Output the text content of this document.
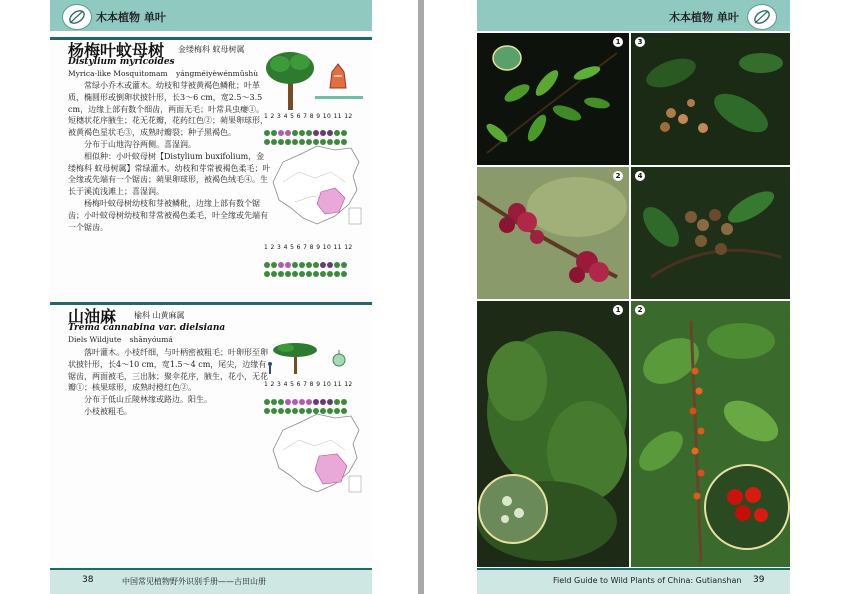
木本植物 单叶
杨梅叶蚊母树 金缕梅科 蚊母树属
Distylium myricoides
Myrica-like Mosquitomam yángméiyèwénmǔshù

常绿小乔木或灌木。幼枝和芽被黄褐色鳞秕；叶革质，椭圆形或倒卵状披针形，长3～6 cm，宽2.5～3.5 cm，边缘上部有数个细齿，两面无毛；叶常具虫瘿①。短穗状花序腋生；花无花瓣，花药红色②；蒴果卵球形，被黄褐色星状毛③，成熟时瓣裂；种子黑褐色。

分布于山地沟谷两侧。喜湿润。

相似种：小叶蚊母树【Distylium buxifolium，金缕梅科 蚊母树属】常绿灌木。幼枝和芽常被褐色柔毛；叶全缘或先端有一个锯齿；蒴果卵球形，被褐色绒毛④。生长于溪流浅滩上；喜湿润。

杨梅叶蚊母树幼枝和芽被鳞秕，边缘上部有数个锯齿；小叶蚊母树幼枝和芽常被褐色柔毛，叶全缘或先端有一个锯齿。

1 2 3 4 5 6 7 8 9 10 11 12
1 2 3 4 5 6 7 8 9 10 11 12
山油麻 榆科 山黄麻属
Trema cannabina var. dielsiana
Diels Wildjute shānyóumá

落叶灌木。小枝纤细，与叶柄密被粗毛；叶卵形至卵状披针形，长4～10 cm，宽1.5～4 cm，尾尖，边缘有锯齿，两面被毛，三出脉；聚伞花序，腋生，花小，无花瓣①；核果球形，成熟时橙红色②。

分布于低山丘陵林缘或路边。阳生。

小枝被粗毛。

1 2 3 4 5 6 7 8 9 10 11 12
38	中国常见植物野外识别手册——古田山册
木本植物 单叶
1	3
2	4
1	2
Field Guide to Wild Plants of China: Gutianshan 39
